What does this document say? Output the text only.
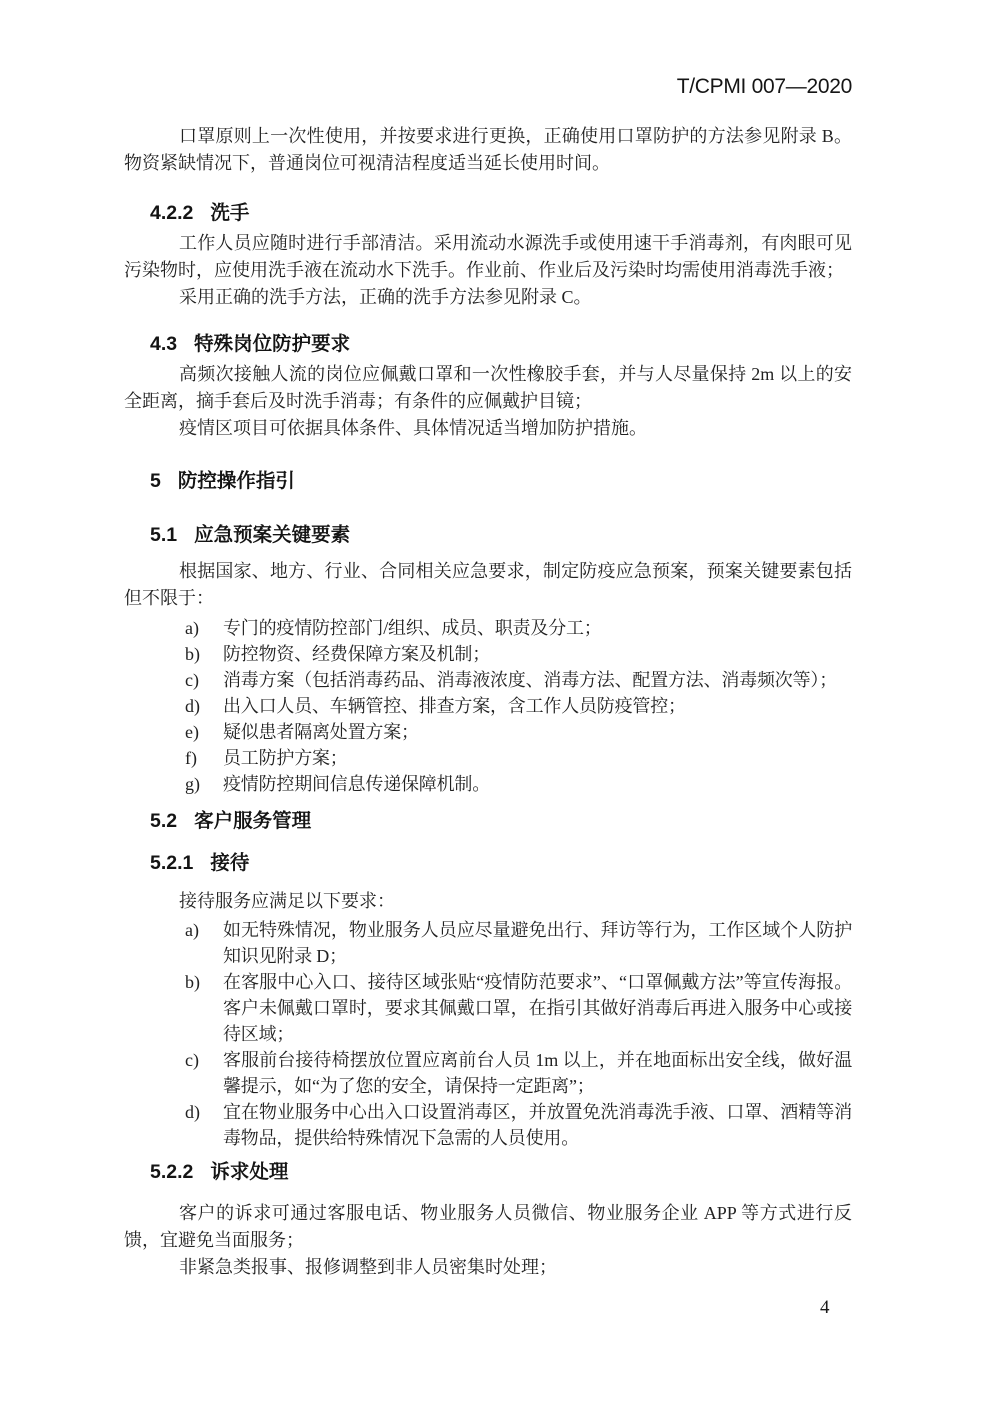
T/CPMI 007—2020

口罩原则上一次性使用，并按要求进行更换，正确使用口罩防护的方法参见附录 B。物资紧缺情况下，普通岗位可视清洁程度适当延长使用时间。

4.2.2 洗手

工作人员应随时进行手部清洁。采用流动水源洗手或使用速干手消毒剂，有肉眼可见污染物时，应使用洗手液在流动水下洗手。作业前、作业后及污染时均需使用消毒洗手液；

采用正确的洗手方法，正确的洗手方法参见附录 C。

4.3 特殊岗位防护要求

高频次接触人流的岗位应佩戴口罩和一次性橡胶手套，并与人尽量保持 2m 以上的安全距离，摘手套后及时洗手消毒；有条件的应佩戴护目镜；

疫情区项目可依据具体条件、具体情况适当增加防护措施。

5 防控操作指引
5.1 应急预案关键要素

根据国家、地方、行业、合同相关应急要求，制定防疫应急预案，预案关键要素包括但不限于：

a)	专门的疫情防控部门/组织、成员、职责及分工；
b)	防控物资、经费保障方案及机制；
c)	消毒方案（包括消毒药品、消毒液浓度、消毒方法、配置方法、消毒频次等）；
d)	出入口人员、车辆管控、排查方案，含工作人员防疫管控；
e)	疑似患者隔离处置方案；
f)	员工防护方案；
g)	疫情防控期间信息传递保障机制。
5.2 客户服务管理
5.2.1 接待

接待服务应满足以下要求：

a)	如无特殊情况，物业服务人员应尽量避免出行、拜访等行为，工作区域个人防护知识见附录 D；
b)	在客服中心入口、接待区域张贴“疫情防范要求”、“口罩佩戴方法”等宣传海报。客户未佩戴口罩时，要求其佩戴口罩，在指引其做好消毒后再进入服务中心或接待区域；
c)	客服前台接待椅摆放位置应离前台人员 1m 以上，并在地面标出安全线，做好温馨提示，如“为了您的安全，请保持一定距离”；
d)	宜在物业服务中心出入口设置消毒区，并放置免洗消毒洗手液、口罩、酒精等消毒物品，提供给特殊情况下急需的人员使用。
5.2.2 诉求处理

客户的诉求可通过客服电话、物业服务人员微信、物业服务企业 APP 等方式进行反馈，宜避免当面服务；

非紧急类报事、报修调整到非人员密集时处理；

4
